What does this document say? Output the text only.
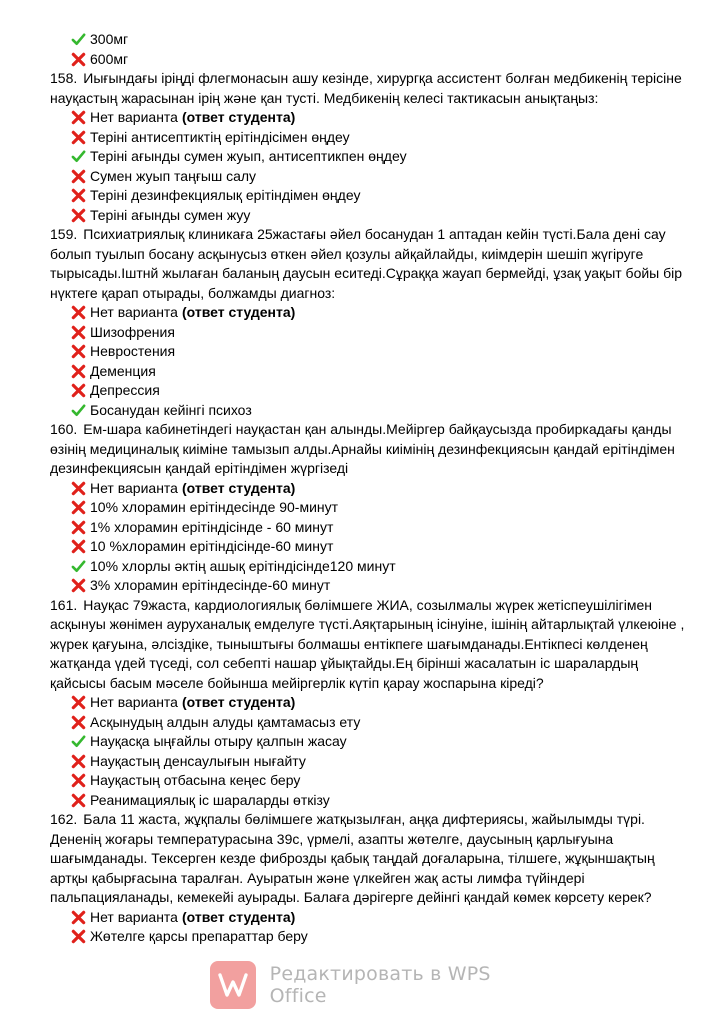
300мг
600мг

158. Иығындағы іріңді флегмонасын ашу кезінде, хирургқа ассистент болған медбикенің терісіне науқастың жарасынан ірің және қан тусті. Медбикенің келесі тактикасын анықтаңыз:

Нет варианта (ответ студента)
Теріні антисептиктің ерітіндісімен өңдеу
Теріні ағынды сумен жуып, антисептикпен өңдеу
Сумен жуып таңғыш салу
Теріні дезинфекциялық ерітіндімен өңдеу
Теріні ағынды сумен жуу

159. Психиатриялық клиникаға 25жастағы әйел босанудан 1 аптадан кейін түсті.Бала дені сау болып туылып босану асқынусыз өткен әйел қозулы айқайлайды, киімдерін шешіп жүгіруге тырысады.Іштнй жылаған баланың даусын еситеді.Сұраққа жауап бермейді, ұзақ уақыт бойы бір нүктеге қарап отырады, болжамды диагноз:

Нет варианта (ответ студента)
Шизофрения
Невростения
Деменция
Депрессия
Босанудан кейінгі психоз

160. Ем-шара кабинетіндегі науқастан қан алынды.Мейіргер байқаусызда пробиркадағы қанды өзінің медициналық киіміне тамызып алды.Арнайы киімінің дезинфекциясын қандай ерітіндімен дезинфекциясын қандай ерітіндімен жүргізеді

Нет варианта (ответ студента)
10% хлорамин ерітіндесінде 90-минут
1% хлорамин ерітіндісінде - 60 минут
10 %хлорамин ерітіндісінде-60 минут
10% хлорлы әктің ашық ерітіндісінде120 минут
3% хлорамин ерітіндесінде-60 минут

161. Науқас 79жаста, кардиологиялық бөлімшеге ЖИА, созылмалы жүрек жетіспеушілігімен асқынуы жөнімен ауруханалық емделуге түсті.Аяқтарының ісінуіне, ішінің айтарлықтай үлкеюіне , жүрек қағуына, әлсіздіке, тыныштығы болмашы ентікпеге шағымданады.Ентікпесі көлденең жатқанда үдей түседі, сол себепті нашар ұйықтайды.Ең бірінші жасалатын іс шаралардың қайсысы басым мәселе бойынша мейіргерлік күтіп қарау жоспарына кіреді?

Нет варианта (ответ студента)
Асқынудың алдын алуды қамтамасыз ету
Науқасқа ыңғайлы отыру қалпын жасау
Науқастың денсаулығын нығайту
Науқастың отбасына кеңес беру
Реанимациялық іс шараларды өткізу

162. Бала 11 жаста, жұқпалы бөлімшеге жатқызылған, аңқа дифтериясы, жайылымды түрі. Дененің жоғары температурасына 39с, үрмелі, азапты жөтелге, даусының қарлығуына шағымданады. Тексерген кезде фиброзды қабық таңдай доғаларына, тілшеге, жұқыншақтың артқы қабырғасына таралған. Ауыратын және үлкейген жақ асты лимфа түйіндері пальпацияланады, кемекейі ауырады. Балаға дәрігерге дейінгі қандай көмек көрсету керек?

Нет варианта (ответ студента)
Жөтелге қарсы препараттар беру
Редактировать в WPS Office
